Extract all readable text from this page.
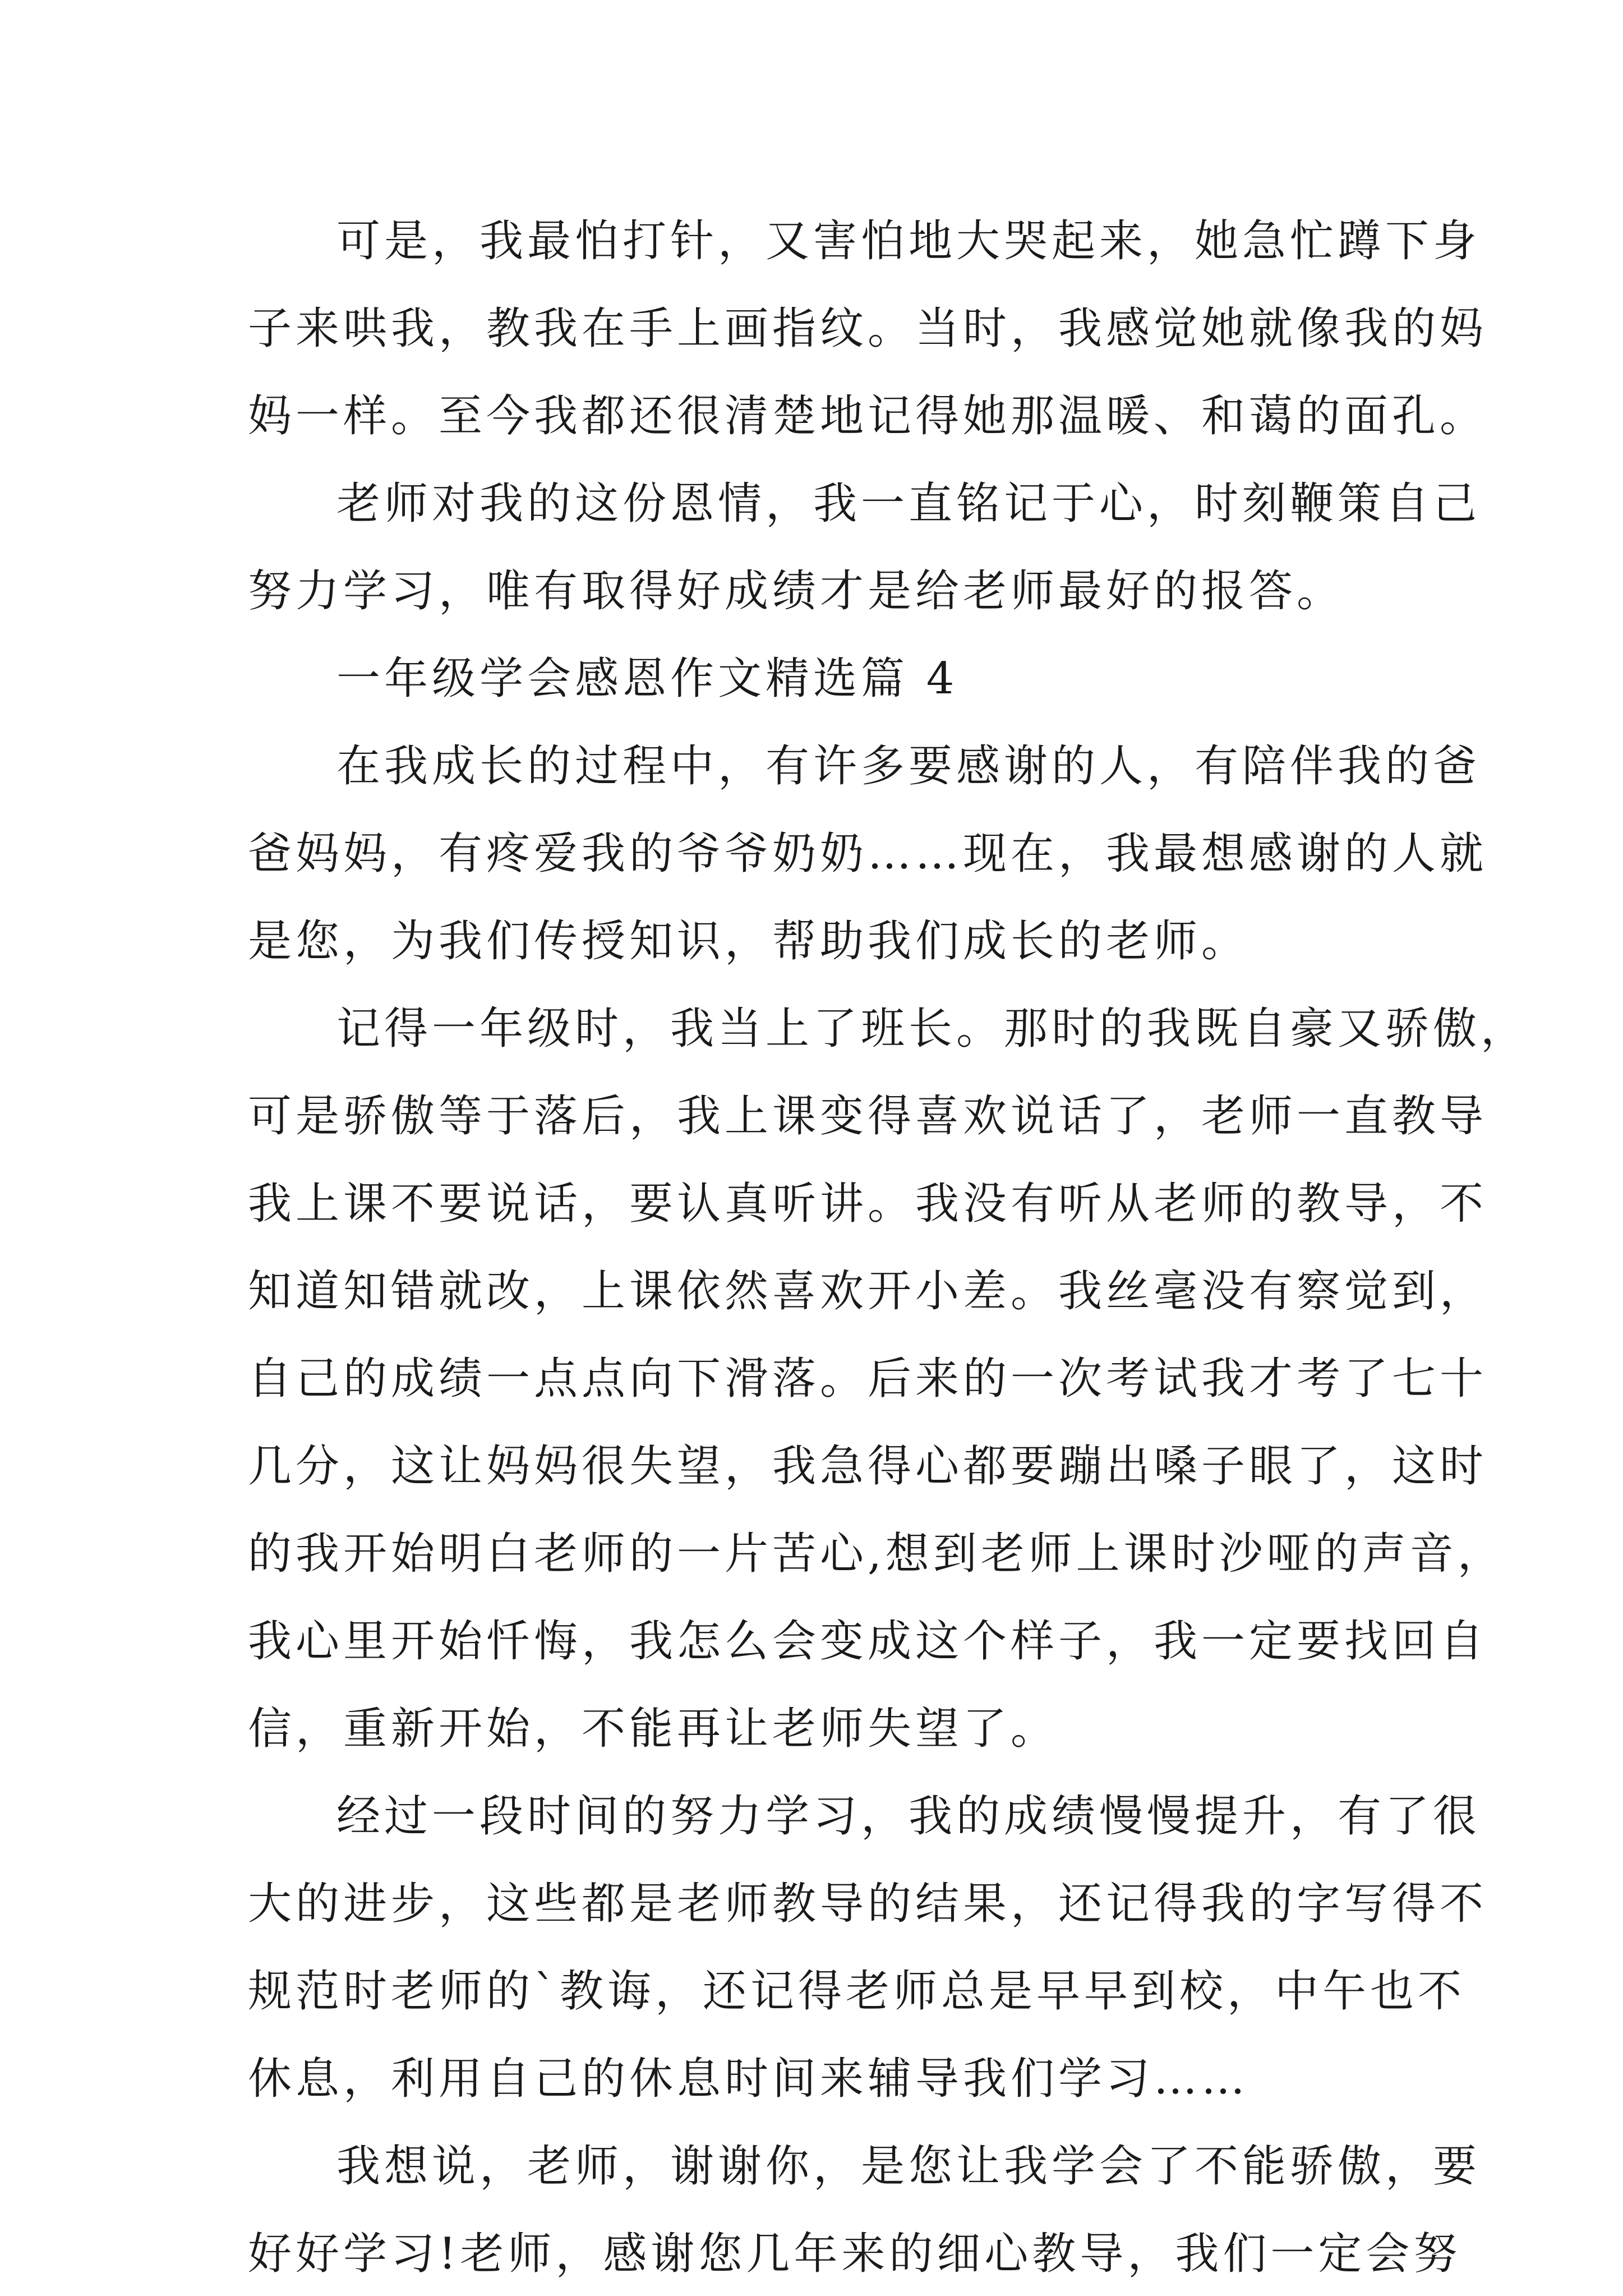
可是，我最怕打针，又害怕地大哭起来，她急忙蹲下身

子来哄我，教我在手上画指纹。当时，我感觉她就像我的妈

妈一样。至今我都还很清楚地记得她那温暖、和蔼的面孔。

老师对我的这份恩情，我一直铭记于心，时刻鞭策自己

努力学习，唯有取得好成绩才是给老师最好的报答。

一年级学会感恩作文精选篇 4

在我成长的过程中，有许多要感谢的人，有陪伴我的爸

爸妈妈，有疼爱我的爷爷奶奶……现在，我最想感谢的人就

是您，为我们传授知识，帮助我们成长的老师。

记得一年级时，我当上了班长。那时的我既自豪又骄傲，

可是骄傲等于落后，我上课变得喜欢说话了，老师一直教导

我上课不要说话，要认真听讲。我没有听从老师的教导，不

知道知错就改，上课依然喜欢开小差。我丝毫没有察觉到，

自己的成绩一点点向下滑落。后来的一次考试我才考了七十

几分，这让妈妈很失望，我急得心都要蹦出嗓子眼了，这时

的我开始明白老师的一片苦心,想到老师上课时沙哑的声音，

我心里开始忏悔，我怎么会变成这个样子，我一定要找回自

信，重新开始，不能再让老师失望了。

经过一段时间的努力学习，我的成绩慢慢提升，有了很

大的进步，这些都是老师教导的结果，还记得我的字写得不

规范时老师的`教诲，还记得老师总是早早到校，中午也不

休息，利用自己的休息时间来辅导我们学习……

我想说，老师，谢谢你，是您让我学会了不能骄傲，要

好好学习!老师，感谢您几年来的细心教导，我们一定会努
